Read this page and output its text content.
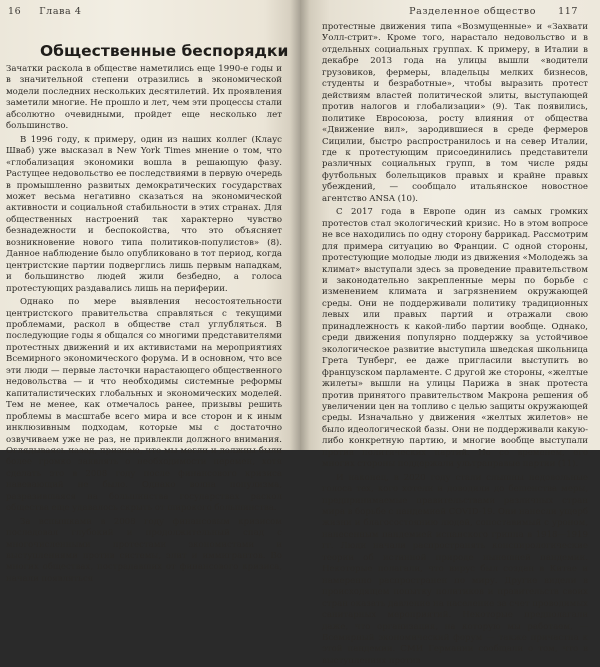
16 Глава 4
Общественные беспорядки

Зачатки раскола в обществе наметились еще 1990-е годы и в значительной степени отразились в экономической модели последних нескольких десятилетий. Их проявления заметили многие. Не прошло и лет, чем эти процессы стали абсолютно очевидными, пройдет еще несколько лет большинство.

В 1996 году, к примеру, один из наших коллег (Клаус Шваб) уже высказал в New York Times мнение о том, что «глобализация экономики вошла в решающую фазу. Растущее недовольство ее последствиями в первую очередь в промышленно развитых демократических государствах может весьма негативно сказаться на экономической активности и социальной стабильности в этих странах. Для общественных настроений так характерно чувство безнадежности и беспокойства, что это объясняет возникновение нового типа политиков-популистов» (8). Данное наблюдение было опубликовано в тот период, когда центристские партии подверглись лишь первым нападкам, и большинство людей жили безбедно, а голоса протестующих раздавались лишь на периферии.

Однако по мере выявления несостоятельности центристского правительства справляться с текущими проблемами, раскол в обществе стал углубляться. В последующие годы я общался со многими представителями протестных движений и их активистами на мероприятиях Всемирного экономического форума. И в основном, что все эти люди — первые ласточки нарастающего общественного недовольства — и что необходимы системные реформы капиталистических глобальных и экономических моделей. Тем не менее, как отмечалось ранее, призывы решить проблемы в масштабе всего мира и все сторон и к иным инклюзивным подходам, которые мы с достаточно озвучиваем уже не раз, не привлекли должного внимания. Оглядываясь назад, признаю, что мы могли и должны были более громко заявлять о необходимости перемен, хотя сделать это в 2008 году после финансового кризиса навевающий не было. Однако волна популизма, разразившаяся на большинства государствах раскол общества еще удавалось скрыть от широкого большинства.

За вспышками в 2008 году финансовым кризисом последовал глубокий и продолжительный спад с многочисленными протестами экономистами и выступлениями против системы, элит и иммигрантов. Во многих обществах, пострадавших от финансового кризиса, начали появляться

Разделенное общество 117

протестные движения типа «Возмущенные» и «Захвати Уолл-стрит». Кроме того, нарастало недовольство и в отдельных социальных группах. К примеру, в Италии в декабре 2013 года на улицы вышли «водители грузовиков, фермеры, владельцы мелких бизнесов, студенты и безработные», чтобы выразить протест действиям властей политической элиты, выступающей против налогов и глобализации» (9). Так появились, политике Евросоюза, росту влияния от общества «Движение вил», зародившиеся в среде фермеров Сицилии, быстро распространилось и на север Италии, где к протестующим присоединились представители различных социальных групп, в том числе ряды футбольных болельщиков правых и крайне правых убеждений, — сообщало итальянское новостное агентство ANSA (10).

С 2017 года в Европе один из самых громких протестов стал экологический кризис. Но в этом вопросе не все находились по одну сторону баррикад. Рассмотрим для примера ситуацию во Франции. С одной стороны, протестующие молодые люди из движения «Молодежь за климат» выступали здесь за проведение правительством и законодательно закрепленные меры по борьбе с изменением климата и загрязнением окружающей среды. Они не поддерживали политику традиционных левых или правых партий и отражали свою принадлежность к какой-либо партии вообще. Однако, среди движения популярно поддержку за устойчивое экологическое развитие выступила шведская школьница Грета Тунберг, ее даже пригласили выступить во французском парламенте. С другой же стороны, «желтые жилеты» вышли на улицы Парижа в знак протеста против принятого правительством Макрона решения об увеличении цен на топливо с целью защиты окружающей среды. Изначально у движения «желтых жилетов» не было идеологической базы. Они не поддерживали какую-либо конкретную партию, и многие вообще выступали против политических партий. Но со временем, его многих стороны поддержали ультраправые партии (11).

И наконец, в 2020 году стали слышны недовольные голоса тех, кого хотели и доводили до бешенства меры, предпринимаемые правительствами различных стран мира в борьбе с пандемией COVID-19. Они нанесли ущерб жизни и благосостоянию людей, сопоставимый с уроном, нанесенным пандемией испанского гриппа в 1918—1919 гг. Люди начали распространять конспирологические теории об истинной природе нынешней пандемии. Некоторые полагали, что вирус был создан в Китае и намеренно распространен по миру. Другие видели в происходящем попытку политиков и правительств своих стран оказать давление на население за счет проводимых санитарных мероприятий. Некоторые предполагали даже, что организация, на которую мы работаем, — Всемирный экономический форум — также причастна к этой пандемии. СМИ Германии сообщали о том, что в выступлениях против
